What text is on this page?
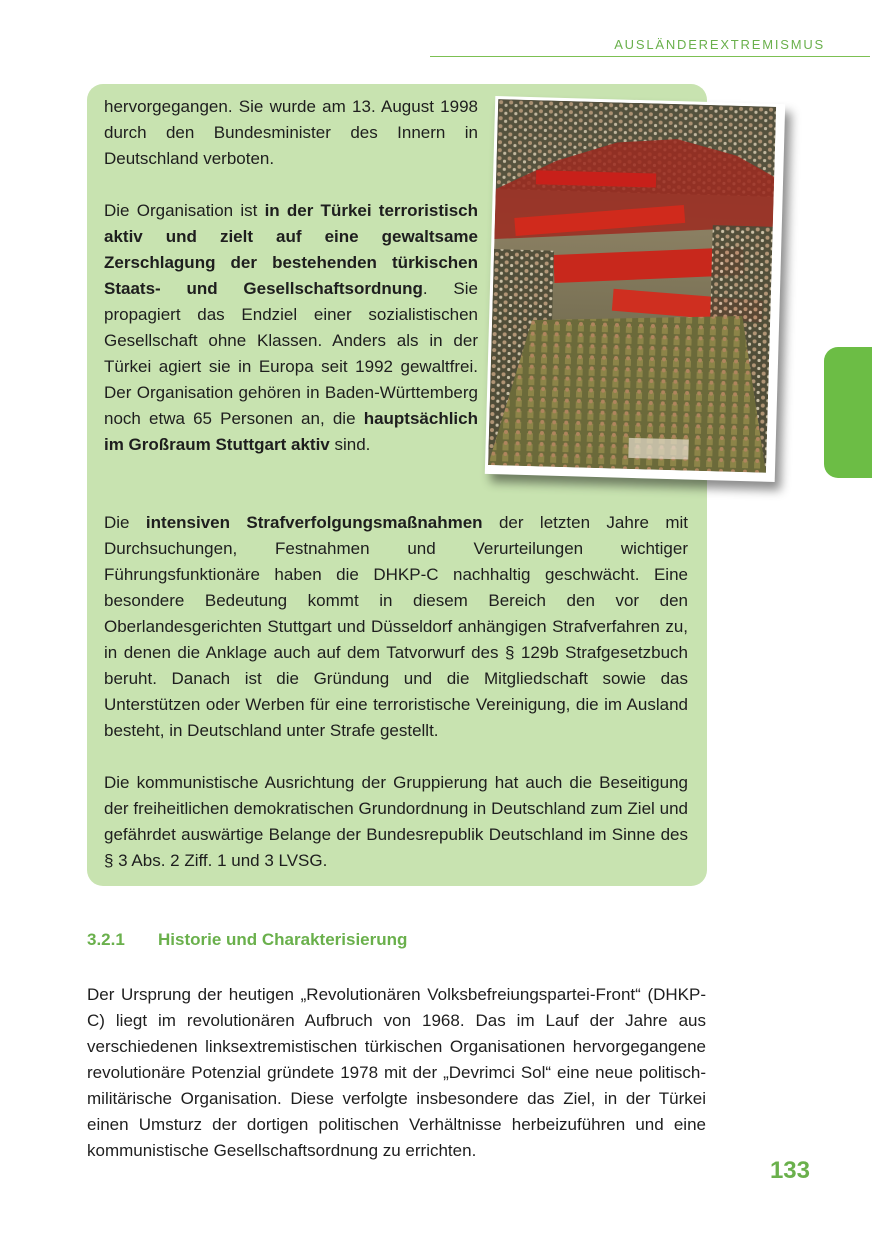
AUSLÄNDEREXTREMISMUS

hervorgegangen. Sie wurde am 13. August 1998 durch den Bundesminister des Innern in Deutschland verboten.

Die Organisation ist in der Türkei terroristisch aktiv und zielt auf eine gewaltsame Zerschlagung der bestehenden türkischen Staats- und Gesellschaftsordnung. Sie propagiert das Endziel einer sozialistischen Gesellschaft ohne Klassen. Anders als in der Türkei agiert sie in Europa seit 1992 gewaltfrei. Der Organisation gehören in Baden-Württemberg noch etwa 65 Personen an, die hauptsächlich im Großraum Stuttgart aktiv sind.

Die intensiven Strafverfolgungsmaßnahmen der letzten Jahre mit Durchsuchungen, Festnahmen und Verurteilungen wichtiger Führungsfunktionäre haben die DHKP-C nachhaltig geschwächt. Eine besondere Bedeutung kommt in diesem Bereich den vor den Oberlandesgerichten Stuttgart und Düsseldorf anhängigen Strafverfahren zu, in denen die Anklage auch auf dem Tatvorwurf des § 129b Strafgesetzbuch beruht. Danach ist die Gründung und die Mitgliedschaft sowie das Unterstützen oder Werben für eine terroristische Vereinigung, die im Ausland besteht, in Deutschland unter Strafe gestellt.

Die kommunistische Ausrichtung der Gruppierung hat auch die Beseitigung der freiheitlichen demokratischen Grundordnung in Deutschland zum Ziel und gefährdet auswärtige Belange der Bundesrepublik Deutschland im Sinne des § 3 Abs. 2 Ziff. 1 und 3 LVSG.

3.2.1 Historie und Charakterisierung
Der Ursprung der heutigen „Revolutionären Volksbefreiungspartei-Front“ (DHKP-C) liegt im revolutionären Aufbruch von 1968. Das im Lauf der Jahre aus verschiedenen linksextremistischen türkischen Organisationen hervorgegangene revolutionäre Potenzial gründete 1978 mit der „Devrimci Sol“ eine neue politisch-militärische Organisation. Diese verfolgte insbesondere das Ziel, in der Türkei einen Umsturz der dortigen politischen Verhältnisse herbeizuführen und eine kommunistische Gesellschaftsordnung zu errichten.
133
